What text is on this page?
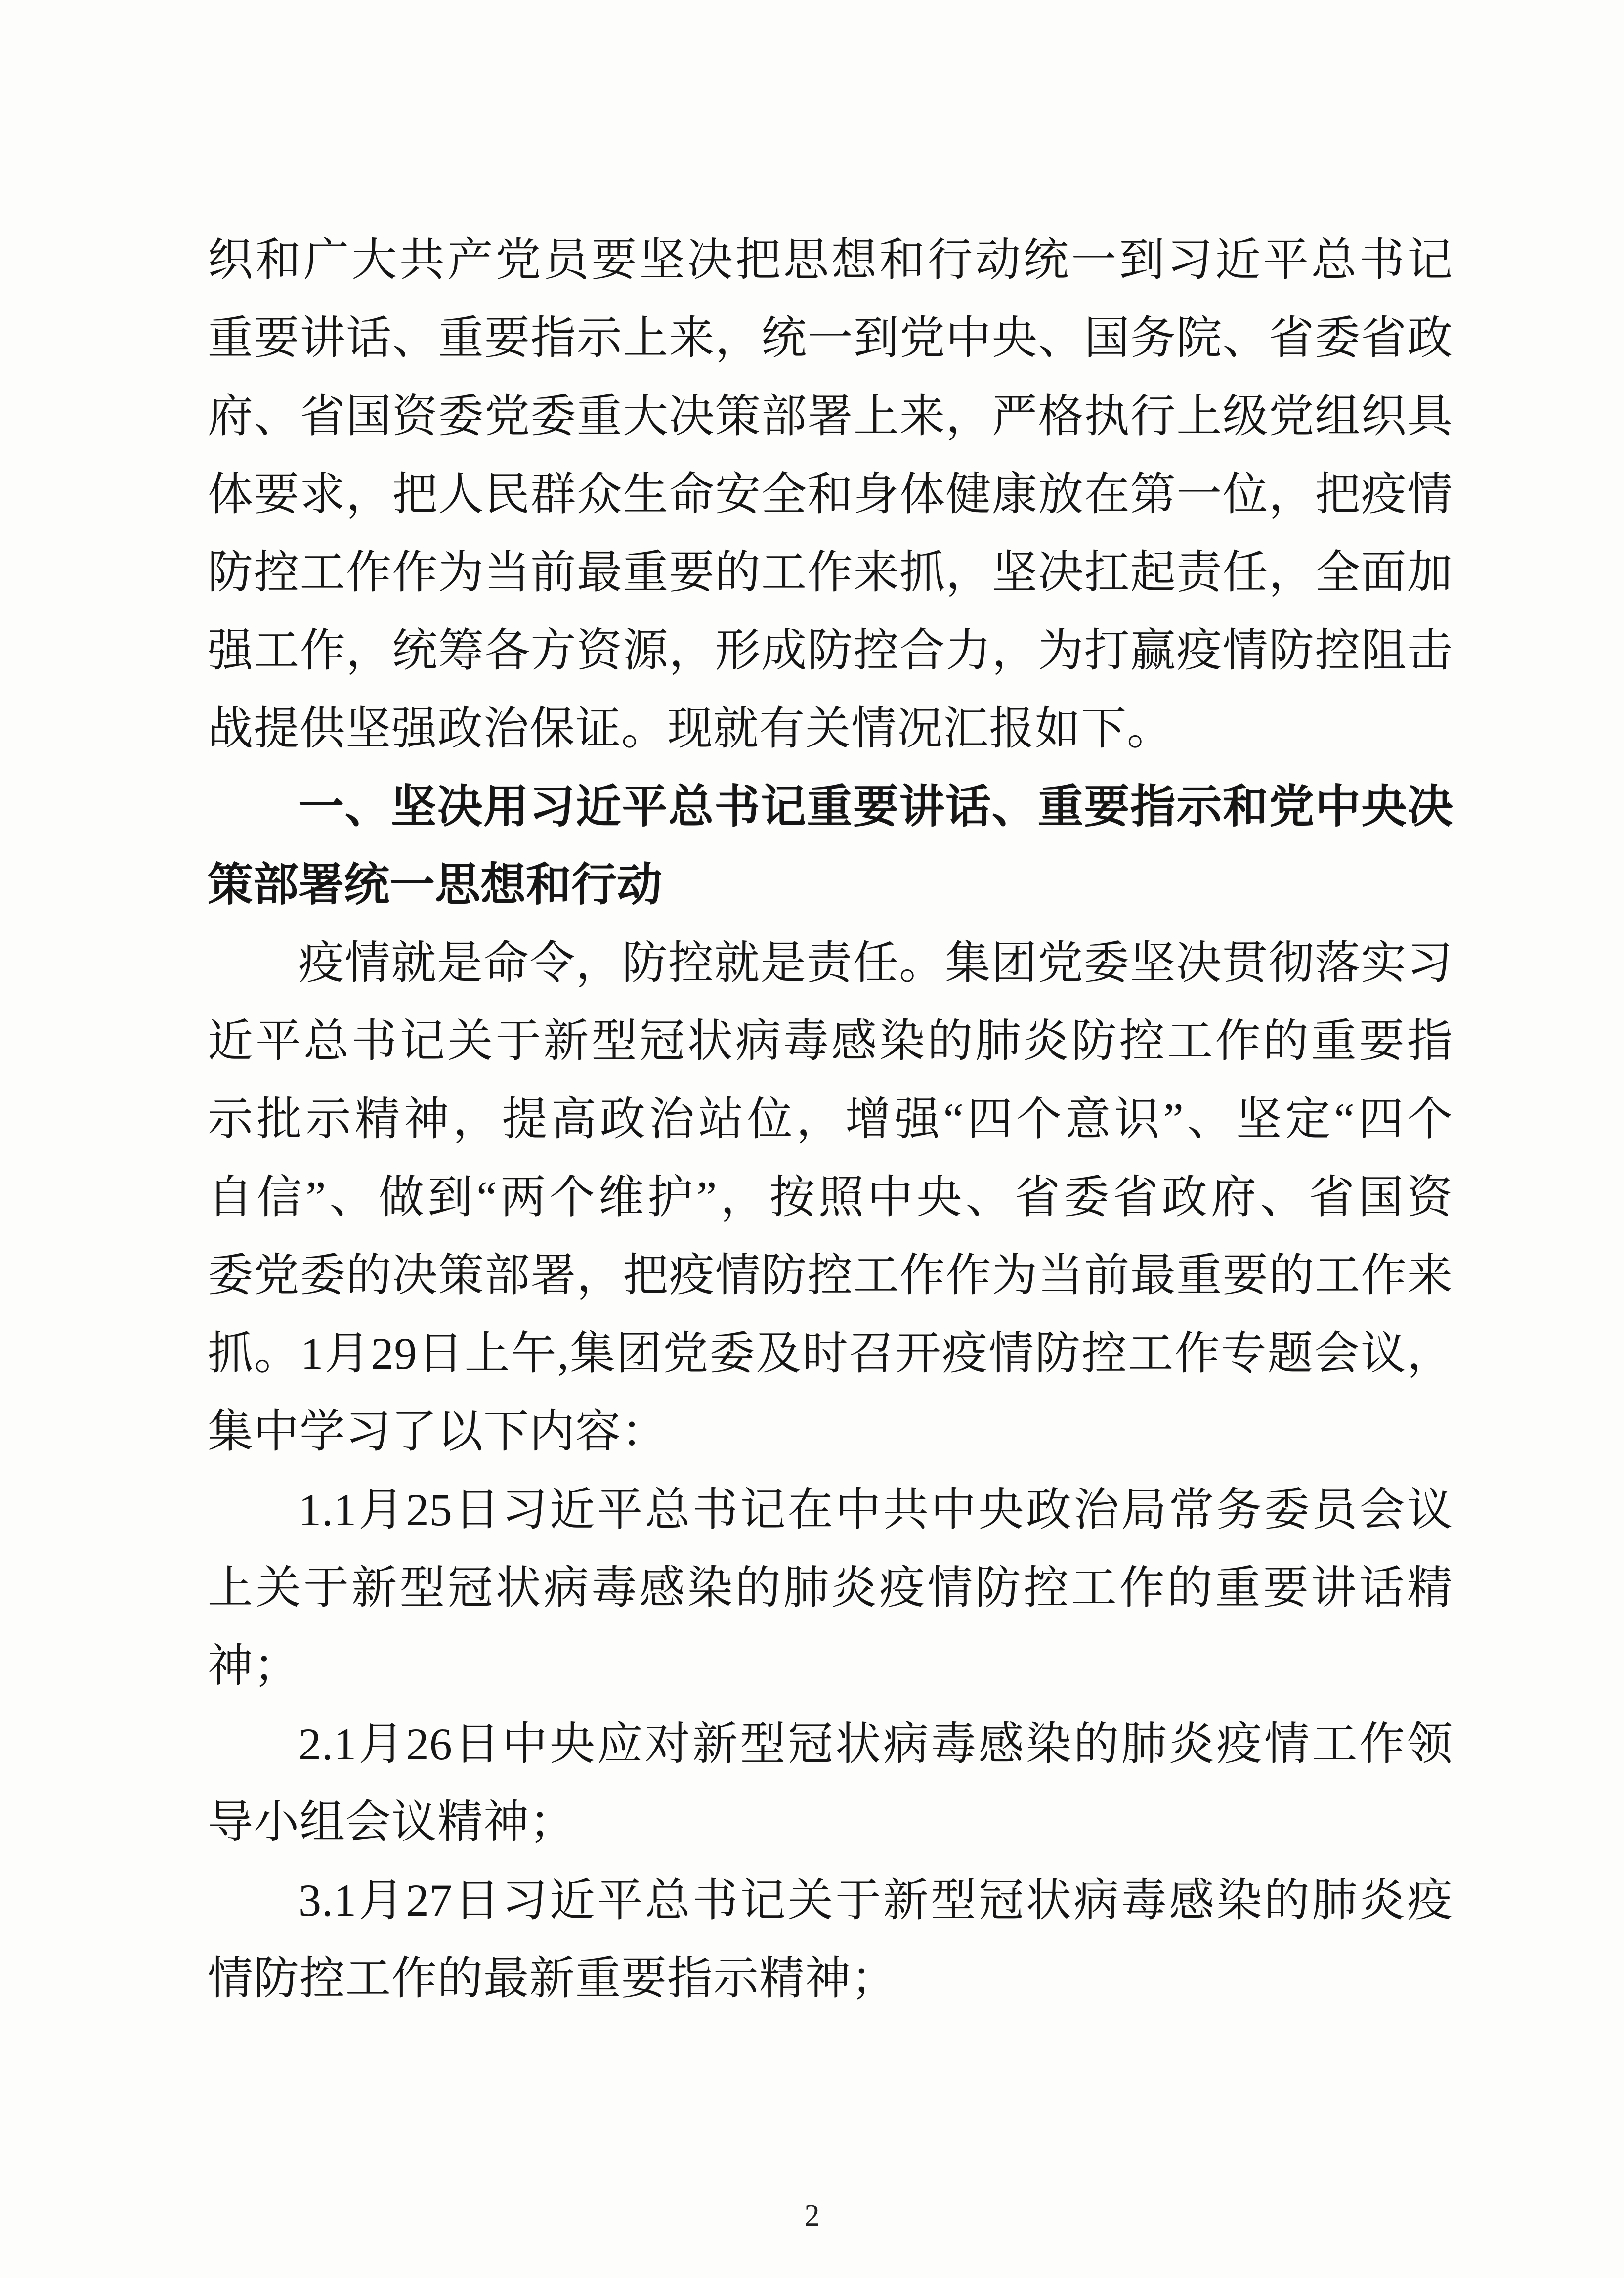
织和广大共产党员要坚决把思想和行动统一到习近平总书记
重要讲话、重要指示上来，统一到党中央、国务院、省委省政
府、省国资委党委重大决策部署上来，严格执行上级党组织具
体要求，把人民群众生命安全和身体健康放在第一位，把疫情
防控工作作为当前最重要的工作来抓，坚决扛起责任，全面加
强工作，统筹各方资源，形成防控合力，为打赢疫情防控阻击
战提供坚强政治保证。现就有关情况汇报如下。
一、坚决用习近平总书记重要讲话、重要指示和党中央决
策部署统一思想和行动
疫情就是命令，防控就是责任。集团党委坚决贯彻落实习
近平总书记关于新型冠状病毒感染的肺炎防控工作的重要指
示批示精神，提高政治站位，增强“四个意识”、坚定“四个
自信”、做到“两个维护”，按照中央、省委省政府、省国资
委党委的决策部署，把疫情防控工作作为当前最重要的工作来
抓。1月29日上午,集团党委及时召开疫情防控工作专题会议，
集中学习了以下内容：
1.1月25日习近平总书记在中共中央政治局常务委员会议
上关于新型冠状病毒感染的肺炎疫情防控工作的重要讲话精
神；
2.1月26日中央应对新型冠状病毒感染的肺炎疫情工作领
导小组会议精神；
3.1月27日习近平总书记关于新型冠状病毒感染的肺炎疫
情防控工作的最新重要指示精神；
2
